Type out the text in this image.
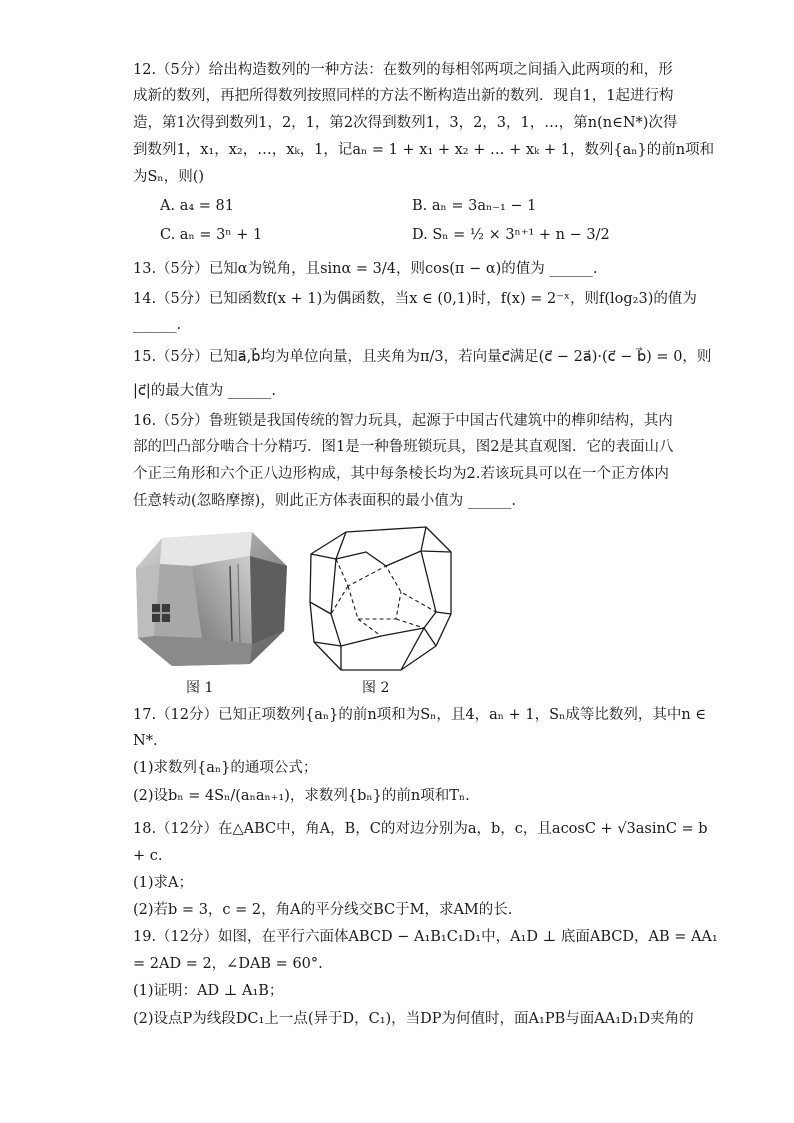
12.（5分）给出构造数列的一种方法：在数列的每相邻两项之间插入此两项的和，形
成新的数列，再把所得数列按照同样的方法不断构造出新的数列．现自1，1起进行构
造，第1次得到数列1，2，1，第2次得到数列1，3，2，3，1，…，第n(n∈N*)次得
到数列1，x₁，x₂，…，xₖ，1，记aₙ = 1 + x₁ + x₂ + … + xₖ + 1，数列{aₙ}的前n项和
为Sₙ，则()
A. a₄ = 81	B. aₙ = 3aₙ₋₁ − 1
C. aₙ = 3ⁿ + 1	D. Sₙ = ½ × 3ⁿ⁺¹ + n − 3/2
13.（5分）已知α为锐角，且sinα = 3/4，则cos(π − α)的值为 ______.
14.（5分）已知函数f(x + 1)为偶函数，当x ∈ (0,1)时，f(x) = 2⁻ˣ，则f(log₂3)的值为
______.
15.（5分）已知a⃗,b⃗均为单位向量，且夹角为π/3，若向量c⃗满足(c⃗ − 2a⃗)·(c⃗ − b⃗) = 0，则
|c⃗|的最大值为 ______.
16.（5分）鲁班锁是我国传统的智力玩具，起源于中国古代建筑中的榫卯结构，其内
部的凹凸部分啮合十分精巧．图1是一种鲁班锁玩具，图2是其直观图．它的表面山八
个正三角形和六个正八边形构成，其中每条棱长均为2.若该玩具可以在一个正方体内
任意转动(忽略摩擦)，则此正方体表面积的最小值为 ______.
图 1	图 2
17.（12分）已知正项数列{aₙ}的前n项和为Sₙ，且4，aₙ + 1，Sₙ成等比数列，其中n ∈
N*.
(1)求数列{aₙ}的通项公式；
(2)设bₙ = 4Sₙ/(aₙaₙ₊₁)，求数列{bₙ}的前n项和Tₙ.
18.（12分）在△ABC中，角A，B，C的对边分别为a，b，c，且acosC + √3asinC = b
+ c.
(1)求A；
(2)若b = 3，c = 2，角A的平分线交BC于M，求AM的长.
19.（12分）如图，在平行六面体ABCD − A₁B₁C₁D₁中，A₁D ⊥ 底面ABCD，AB = AA₁
= 2AD = 2，∠DAB = 60°.
(1)证明：AD ⊥ A₁B；
(2)设点P为线段DC₁上一点(异于D，C₁)，当DP为何值时，面A₁PB与面AA₁D₁D夹角的
